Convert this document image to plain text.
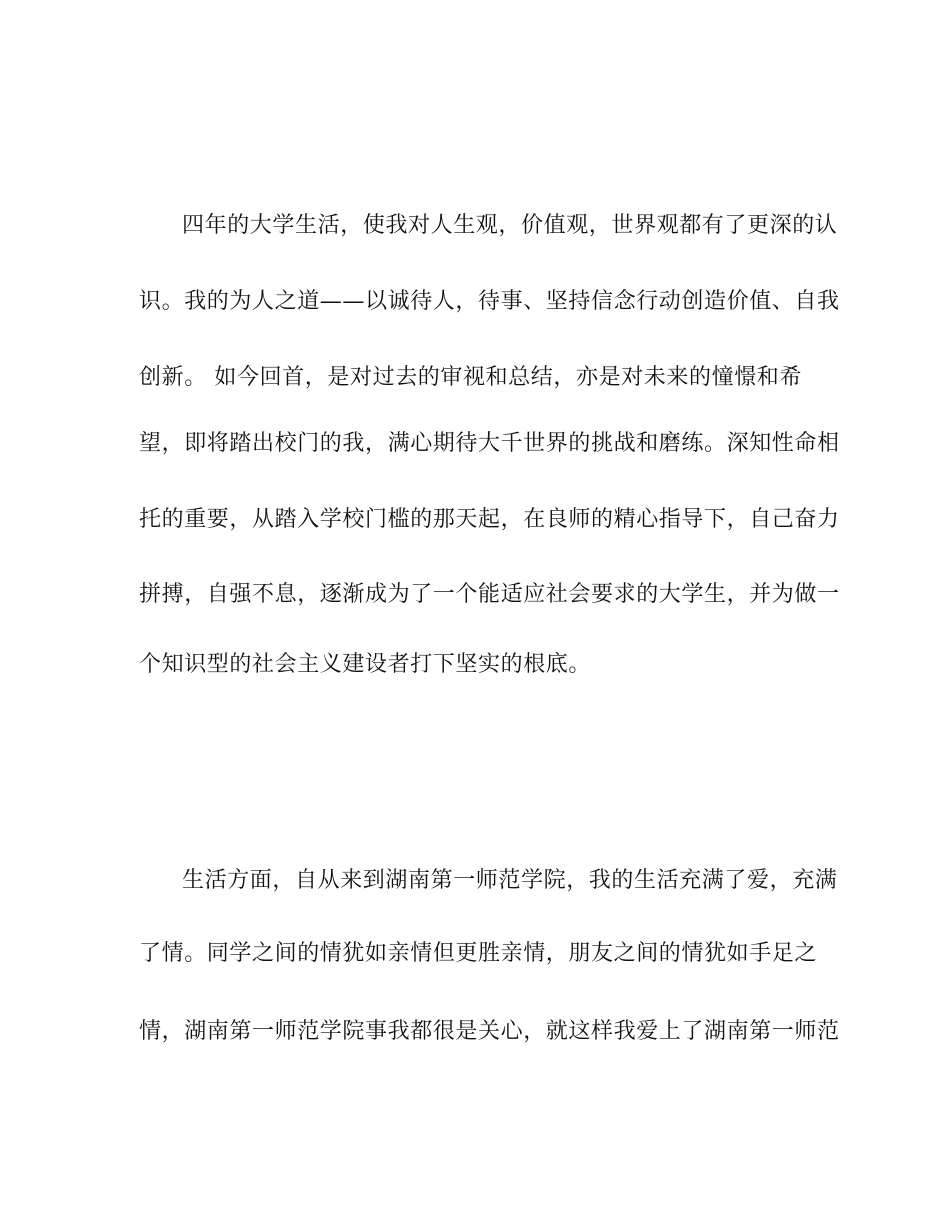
四年的大学生活，使我对人生观，价值观，世界观都有了更深的认
识。我的为人之道——以诚待人，待事、坚持信念行动创造价值、自我
创新。 如今回首，是对过去的审视和总结，亦是对未来的憧憬和希
望，即将踏出校门的我，满心期待大千世界的挑战和磨练。深知性命相
托的重要，从踏入学校门槛的那天起，在良师的精心指导下，自己奋力
拼搏，自强不息，逐渐成为了一个能适应社会要求的大学生，并为做一
个知识型的社会主义建设者打下坚实的根底。
生活方面，自从来到湖南第一师范学院，我的生活充满了爱，充满
了情。同学之间的情犹如亲情但更胜亲情，朋友之间的情犹如手足之
情，湖南第一师范学院事我都很是关心，就这样我爱上了湖南第一师范
